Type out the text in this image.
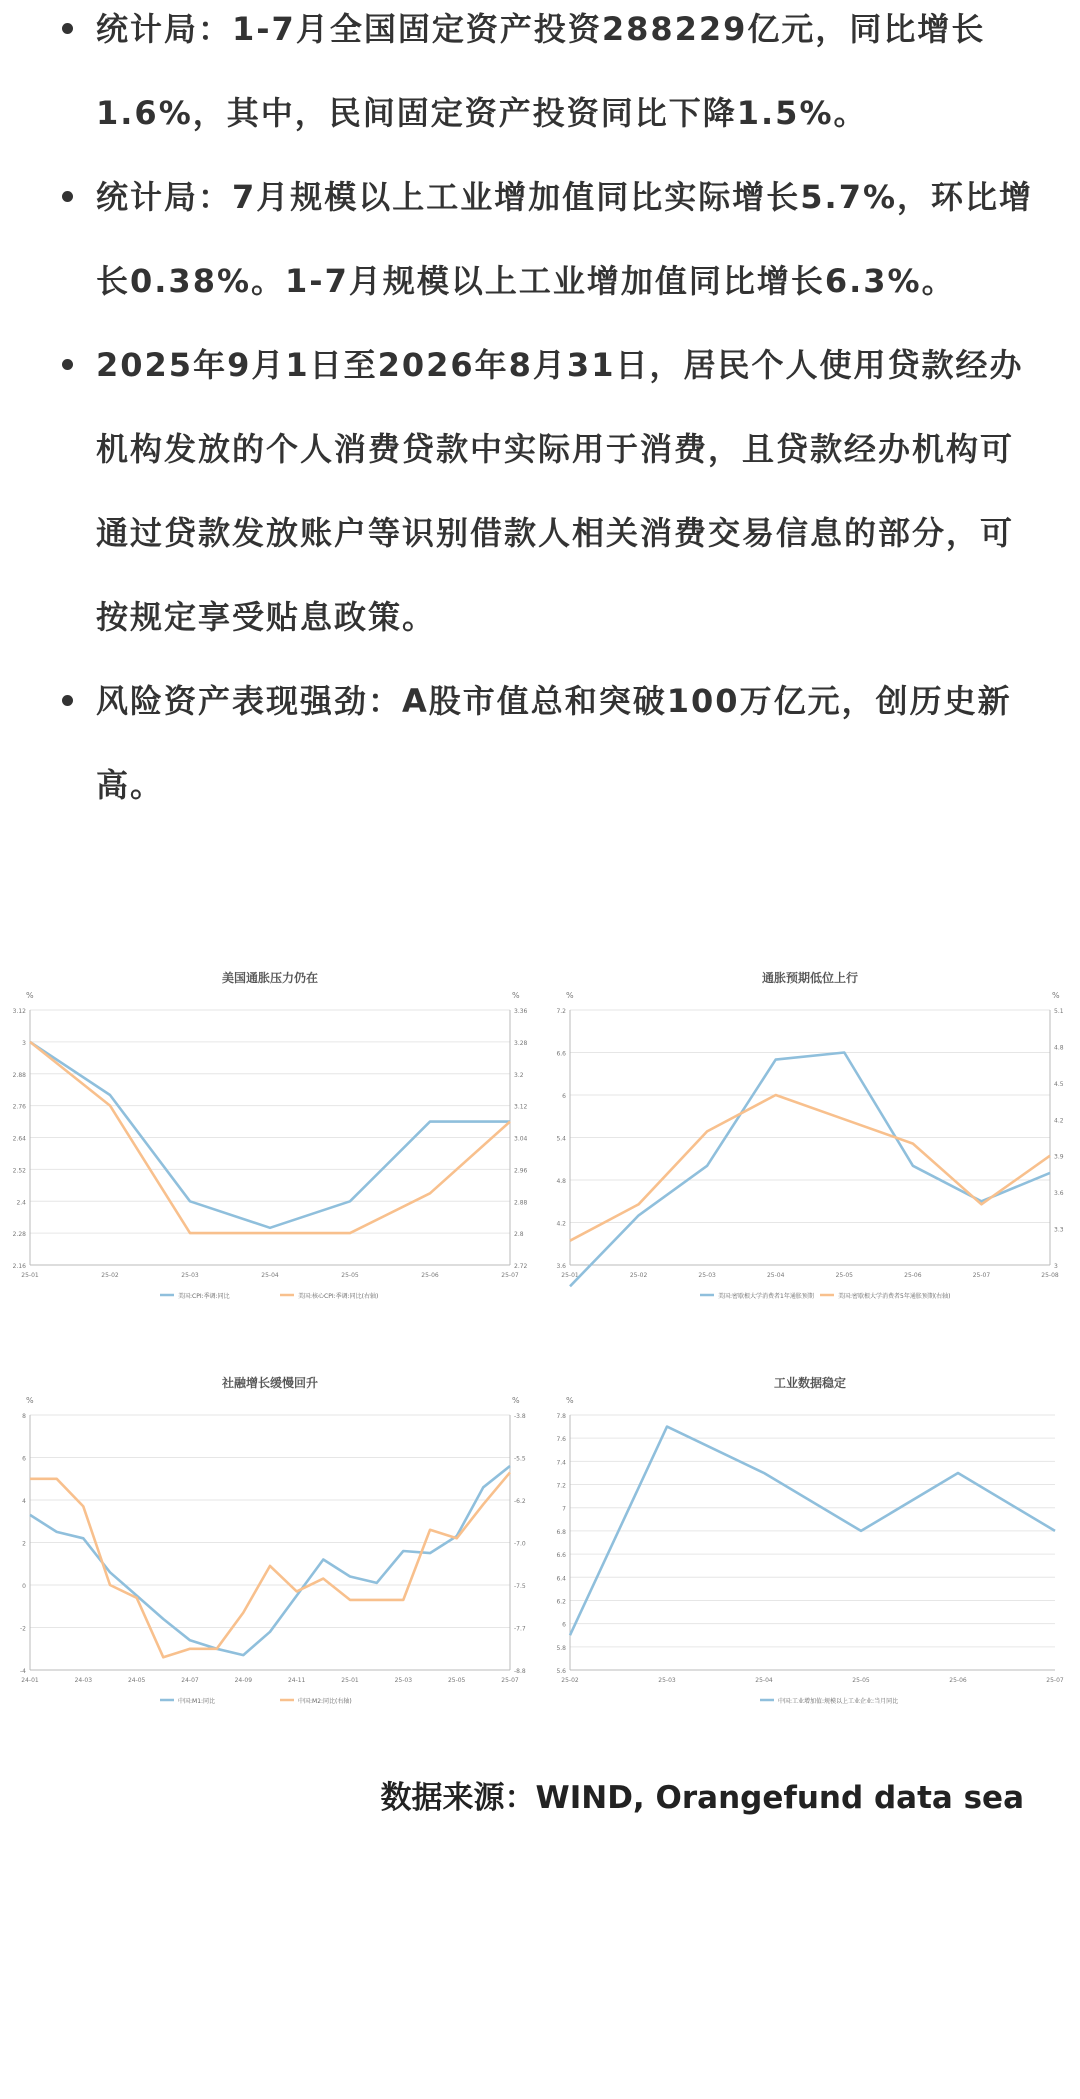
统计局：1-7月全国固定资产投资288229亿元，同比增长1.6%，其中，民间固定资产投资同比下降1.5%。
统计局：7月规模以上工业增加值同比实际增长5.7%，环比增长0.38%。1-7月规模以上工业增加值同比增长6.3%。
2025年9月1日至2026年8月31日，居民个人使用贷款经办机构发放的个人消费贷款中实际用于消费，且贷款经办机构可通过贷款发放账户等识别借款人相关消费交易信息的部分，可按规定享受贴息政策。
风险资产表现强劲：A股市值总和突破100万亿元，创历史新高。
美国通胀压力仍在
%	%
2.16
2.28
2.4
2.52
2.64
2.76
2.88
3
3.12
2.72
2.8
2.88
2.96
3.04
3.12
3.2
3.28
3.36
25-01	25-02	25-03	25-04	25-05	25-06	25-07
美国:CPI:季调:同比	美国:核心CPI:季调:同比(右轴)
通胀预期低位上行
%	%
3.6
4.2
4.8
5.4
6
6.6
7.2
3
3.3
3.6
3.9
4.2
4.5
4.8
5.1
25-01	25-02	25-03	25-04	25-05	25-06	25-07	25-08
美国:密歇根大学消费者1年通胀预期	美国:密歇根大学消费者5年通胀预期(右轴)
社融增长缓慢回升
%	%
-4
-2
0
2
4
6
8
-8.8
-7.7
-7.5
-7.0
-6.2
-5.5
-3.8
24-01	24-03	24-05	24-07	24-09	24-11	25-01	25-03	25-05	25-07
中国:M1:同比	中国:M2:同比(右轴)
工业数据稳定
%
5.6
5.8
6
6.2
6.4
6.6
6.8
7
7.2
7.4
7.6
7.8
25-02	25-03	25-04	25-05	25-06	25-07
中国:工业增加值:规模以上工业企业:当月同比
数据来源：WIND, Orangefund data sea
